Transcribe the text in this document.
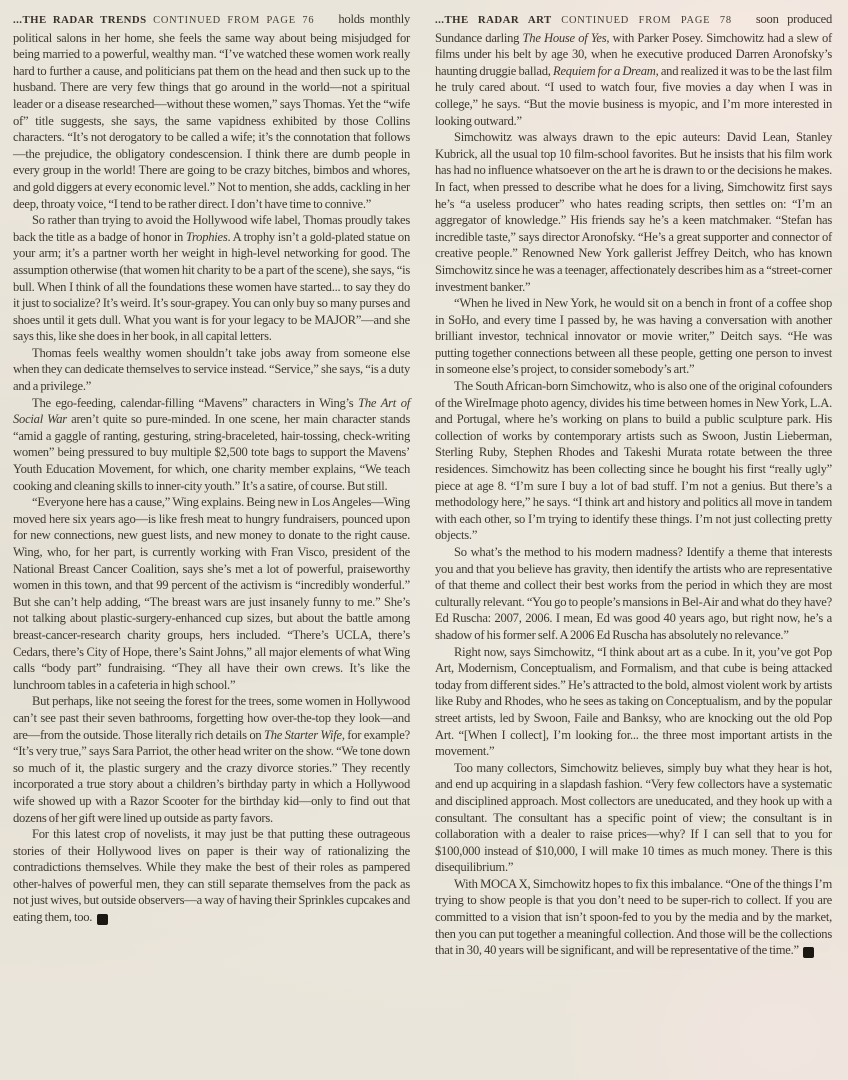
...THE RADAR TRENDS CONTINUED FROM PAGE 76 holds monthly political salons in her home, she feels the same way about being misjudged for being married to a powerful, wealthy man. “I’ve watched these women work really hard to further a cause, and politicians pat them on the head and then suck up to the husband. There are very few things that go around in the world—not a spiritual leader or a disease researched—without these women,” says Thomas. Yet the “wife of” title suggests, she says, the same vapidness exhibited by those Collins characters. “It’s not derogatory to be called a wife; it’s the connotation that follows—the prejudice, the obligatory condescension. I think there are dumb people in every group in the world! There are going to be crazy bitches, bimbos and whores, and gold diggers at every economic level.” Not to mention, she adds, cackling in her deep, throaty voice, “I tend to be rather direct. I don’t have time to connive.”

So rather than trying to avoid the Hollywood wife label, Thomas proudly takes back the title as a badge of honor in Trophies. A trophy isn’t a gold-plated statue on your arm; it’s a partner worth her weight in high-level networking for good. The assumption otherwise (that women hit charity to be a part of the scene), she says, “is bull. When I think of all the foundations these women have started... to say they do it just to socialize? It’s weird. It’s sour-grapey. You can only buy so many purses and shoes until it gets dull. What you want is for your legacy to be MAJOR”—and she says this, like she does in her book, in all capital letters.

Thomas feels wealthy women shouldn’t take jobs away from someone else when they can dedicate themselves to service instead. “Service,” she says, “is a duty and a privilege.”

The ego-feeding, calendar-filling “Mavens” characters in Wing’s The Art of Social War aren’t quite so pure-minded. In one scene, her main character stands “amid a gaggle of ranting, gesturing, string-braceleted, hair-tossing, check-writing women” being pressured to buy multiple $2,500 tote bags to support the Mavens’ Youth Education Movement, for which, one charity member explains, “We teach cooking and cleaning skills to inner-city youth.” It’s a satire, of course. But still.

“Everyone here has a cause,” Wing explains. Being new in Los Angeles—Wing moved here six years ago—is like fresh meat to hungry fundraisers, pounced upon for new connections, new guest lists, and new money to donate to the right cause. Wing, who, for her part, is currently working with Fran Visco, president of the National Breast Cancer Coalition, says she’s met a lot of powerful, praiseworthy women in this town, and that 99 percent of the activism is “incredibly wonderful.” But she can’t help adding, “The breast wars are just insanely funny to me.” She’s not talking about plastic-surgery-enhanced cup sizes, but about the battle among breast-cancer-research charity groups, hers included. “There’s UCLA, there’s Cedars, there’s City of Hope, there’s Saint Johns,” all major elements of what Wing calls “body part” fundraising. “They all have their own crews. It’s like the lunchroom tables in a cafeteria in high school.”

But perhaps, like not seeing the forest for the trees, some women in Hollywood can’t see past their seven bathrooms, forgetting how over-the-top they look—and are—from the outside. Those literally rich details on The Starter Wife, for example? “It’s very true,” says Sara Parriot, the other head writer on the show. “We tone down so much of it, the plastic surgery and the crazy divorce stories.” They recently incorporated a true story about a children’s birthday party in which a Hollywood wife showed up with a Razor Scooter for the birthday kid—only to find out that dozens of her gift were lined up outside as party favors.

For this latest crop of novelists, it may just be that putting these outrageous stories of their Hollywood lives on paper is their way of rationalizing the contradictions themselves. While they make the best of their roles as pampered other-halves of powerful men, they can still separate themselves from the pack as not just wives, but outside observers—a way of having their Sprinkles cupcakes and eating them, too. A

...THE RADAR ART CONTINUED FROM PAGE 78 soon produced Sundance darling The House of Yes, with Parker Posey. Simchowitz had a slew of films under his belt by age 30, when he executive produced Darren Aronofsky’s haunting druggie ballad, Requiem for a Dream, and realized it was to be the last film he truly cared about. “I used to watch four, five movies a day when I was in college,” he says. “But the movie business is myopic, and I’m more interested in looking outward.”

Simchowitz was always drawn to the epic auteurs: David Lean, Stanley Kubrick, all the usual top 10 film-school favorites. But he insists that his film work has had no influence whatsoever on the art he is drawn to or the decisions he makes. In fact, when pressed to describe what he does for a living, Simchowitz first says he’s “a useless producer” who hates reading scripts, then settles on: “I’m an aggregator of knowledge.” His friends say he’s a keen matchmaker. “Stefan has incredible taste,” says director Aronofsky. “He’s a great supporter and connector of creative people.” Renowned New York gallerist Jeffrey Deitch, who has known Simchowitz since he was a teenager, affectionately describes him as a “street-corner investment banker.”

“When he lived in New York, he would sit on a bench in front of a coffee shop in SoHo, and every time I passed by, he was having a conversation with another brilliant investor, technical innovator or movie writer,” Deitch says. “He was putting together connections between all these people, getting one person to invest in someone else’s project, to consider somebody’s art.”

The South African-born Simchowitz, who is also one of the original cofounders of the WireImage photo agency, divides his time between homes in New York, L.A. and Portugal, where he’s working on plans to build a public sculpture park. His collection of works by contemporary artists such as Swoon, Justin Lieberman, Sterling Ruby, Stephen Rhodes and Takeshi Murata rotate between the three residences. Simchowitz has been collecting since he bought his first “really ugly” piece at age 8. “I’m sure I buy a lot of bad stuff. I’m not a genius. But there’s a methodology here,” he says. “I think art and history and politics all move in tandem with each other, so I’m trying to identify these things. I’m not just collecting pretty objects.”

So what’s the method to his modern madness? Identify a theme that interests you and that you believe has gravity, then identify the artists who are representative of that theme and collect their best works from the period in which they are most culturally relevant. “You go to people’s mansions in Bel-Air and what do they have? Ed Ruscha: 2007, 2006. I mean, Ed was good 40 years ago, but right now, he’s a shadow of his former self. A 2006 Ed Ruscha has absolutely no relevance.”

Right now, says Simchowitz, “I think about art as a cube. In it, you’ve got Pop Art, Modernism, Conceptualism, and Formalism, and that cube is being attacked today from different sides.” He’s attracted to the bold, almost violent work by artists like Ruby and Rhodes, who he sees as taking on Conceptualism, and by the popular street artists, led by Swoon, Faile and Banksy, who are knocking out the old Pop Art. “[When I collect], I’m looking for... the three most important artists in the movement.”

Too many collectors, Simchowitz believes, simply buy what they hear is hot, and end up acquiring in a slapdash fashion. “Very few collectors have a systematic and disciplined approach. Most collectors are uneducated, and they hook up with a consultant. The consultant has a specific point of view; the consultant is in collaboration with a dealer to raise prices—why? If I can sell that to you for $100,000 instead of $10,000, I will make 10 times as much money. There is this disequilibrium.”

With MOCA X, Simchowitz hopes to fix this imbalance. “One of the things I’m trying to show people is that you don’t need to be super-rich to collect. If you are committed to a vision that isn’t spoon-fed to you by the media and by the market, then you can put together a meaningful collection. And those will be the collections that in 30, 40 years will be significant, and will be representative of the time.” A
